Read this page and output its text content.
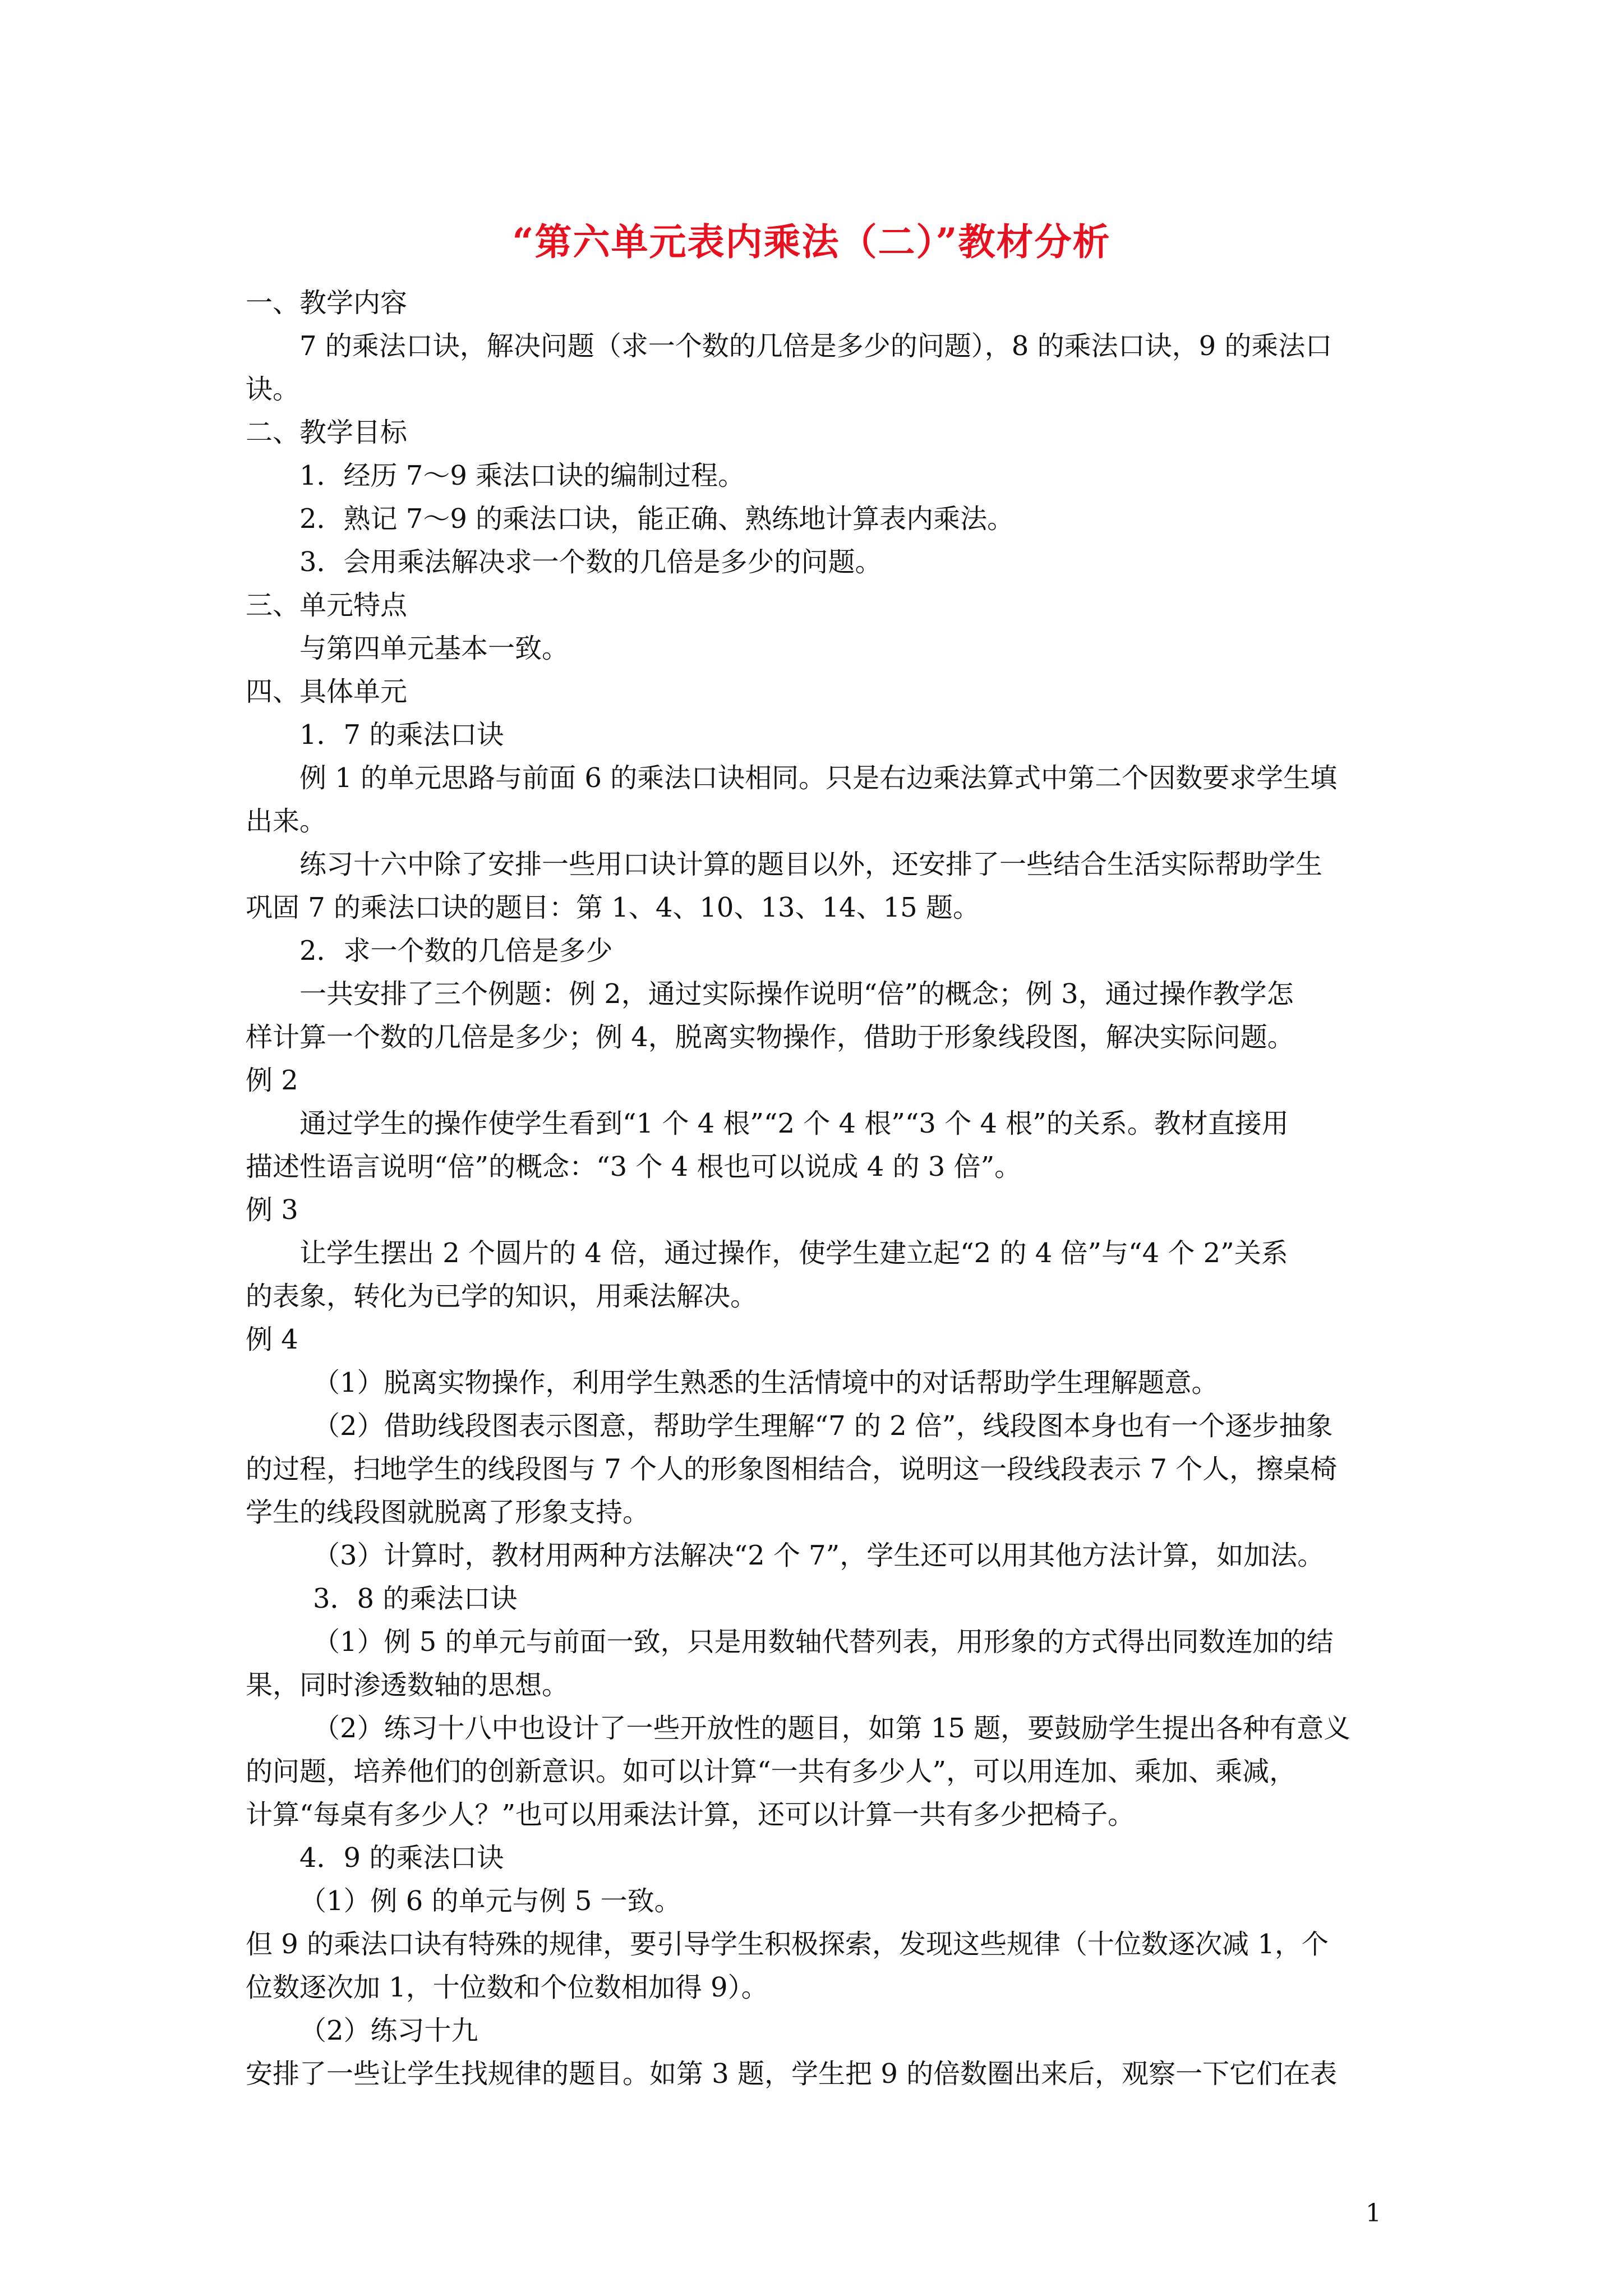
“第六单元表内乘法（二）”教材分析
一、教学内容
7 的乘法口诀，解决问题（求一个数的几倍是多少的问题），8 的乘法口诀，9 的乘法口
诀。
二、教学目标
1．经历 7～9 乘法口诀的编制过程。
2．熟记 7～9 的乘法口诀，能正确、熟练地计算表内乘法。
3．会用乘法解决求一个数的几倍是多少的问题。
三、单元特点
与第四单元基本一致。
四、具体单元
1．7 的乘法口诀
例 1 的单元思路与前面 6 的乘法口诀相同。只是右边乘法算式中第二个因数要求学生填
出来。
练习十六中除了安排一些用口诀计算的题目以外，还安排了一些结合生活实际帮助学生
巩固 7 的乘法口诀的题目：第 1、4、10、13、14、15 题。
2．求一个数的几倍是多少
一共安排了三个例题：例 2，通过实际操作说明“倍”的概念；例 3，通过操作教学怎
样计算一个数的几倍是多少；例 4，脱离实物操作，借助于形象线段图，解决实际问题。
例 2
通过学生的操作使学生看到“1 个 4 根”“2 个 4 根”“3 个 4 根”的关系。教材直接用
描述性语言说明“倍”的概念：“3 个 4 根也可以说成 4 的 3 倍”。
例 3
让学生摆出 2 个圆片的 4 倍，通过操作，使学生建立起“2 的 4 倍”与“4 个 2”关系
的表象，转化为已学的知识，用乘法解决。
例 4
（1）脱离实物操作，利用学生熟悉的生活情境中的对话帮助学生理解题意。
（2）借助线段图表示图意，帮助学生理解“7 的 2 倍”，线段图本身也有一个逐步抽象
的过程，扫地学生的线段图与 7 个人的形象图相结合，说明这一段线段表示 7 个人，擦桌椅
学生的线段图就脱离了形象支持。
（3）计算时，教材用两种方法解决“2 个 7”，学生还可以用其他方法计算，如加法。
3．8 的乘法口诀
（1）例 5 的单元与前面一致，只是用数轴代替列表，用形象的方式得出同数连加的结
果，同时渗透数轴的思想。
（2）练习十八中也设计了一些开放性的题目，如第 15 题，要鼓励学生提出各种有意义
的问题，培养他们的创新意识。如可以计算“一共有多少人”，可以用连加、乘加、乘减，
计算“每桌有多少人？”也可以用乘法计算，还可以计算一共有多少把椅子。
4．9 的乘法口诀
（1）例 6 的单元与例 5 一致。
但 9 的乘法口诀有特殊的规律，要引导学生积极探索，发现这些规律（十位数逐次减 1，个
位数逐次加 1，十位数和个位数相加得 9）。
（2）练习十九
安排了一些让学生找规律的题目。如第 3 题，学生把 9 的倍数圈出来后，观察一下它们在表
1
